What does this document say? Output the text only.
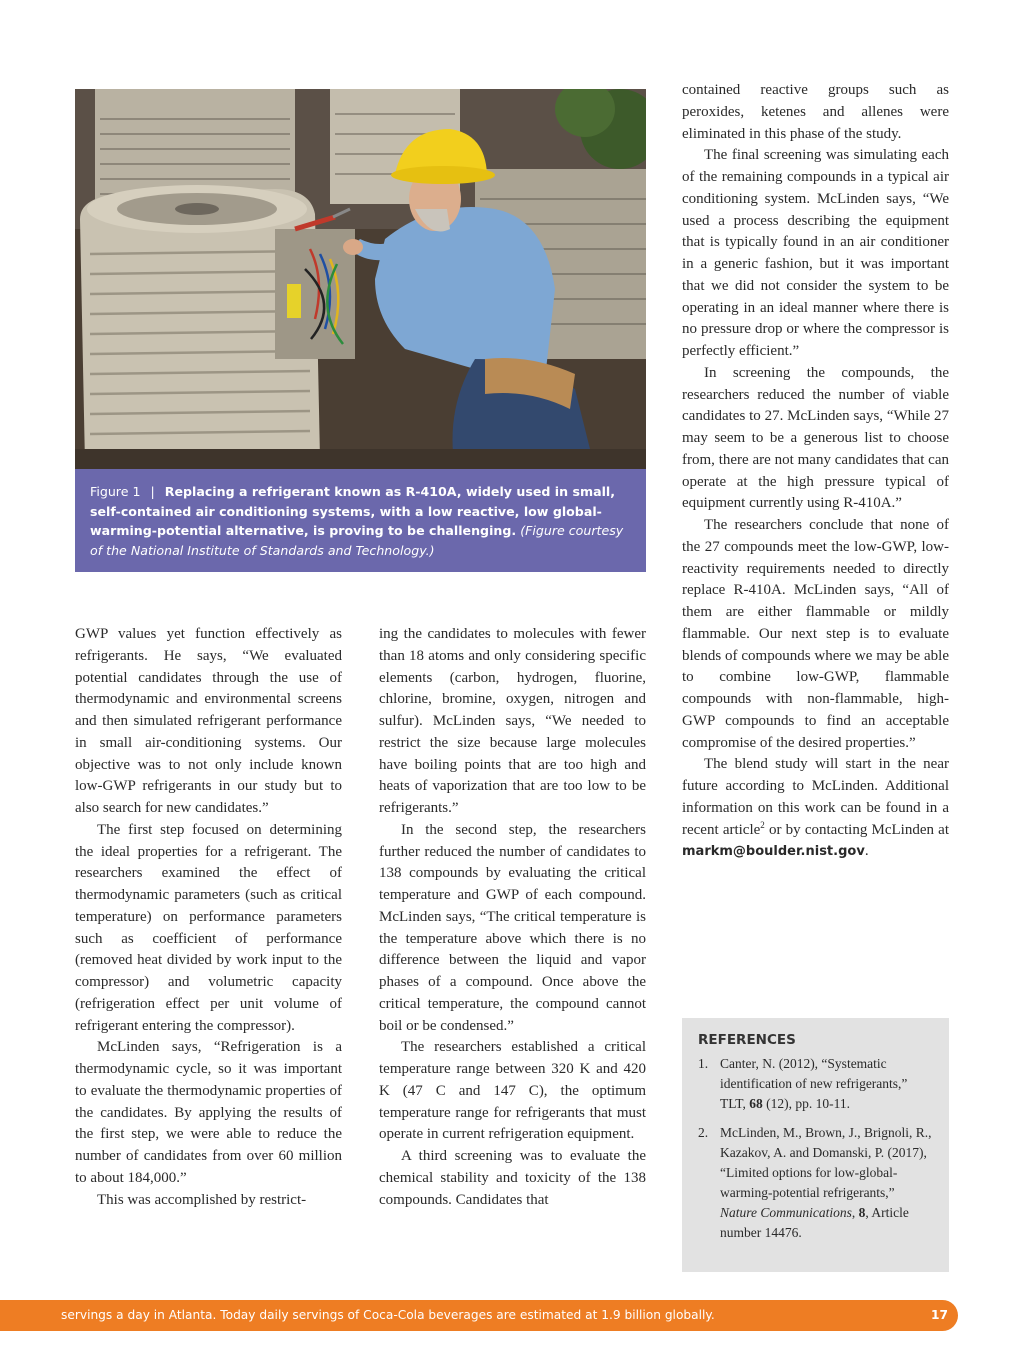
Figure 1 | Replacing a refrigerant known as R-410A, widely used in small, self-contained air conditioning systems, with a low reactive, low global-warming-potential alternative, is proving to be challenging. (Figure courtesy of the National Institute of Standards and Technology.)

GWP values yet function effectively as refrigerants. He says, “We evaluated potential candidates through the use of thermodynamic and environmental screens and then simulated refrigerant performance in small air-conditioning systems. Our objective was to not only include known low-GWP refrigerants in our study but to also search for new candidates.”

The first step focused on determining the ideal properties for a refrigerant. The researchers examined the effect of thermodynamic parameters (such as critical temperature) on performance parameters such as coefficient of performance (removed heat divided by work input to the compressor) and volumetric capacity (refrigeration effect per unit volume of refrigerant entering the compressor).

McLinden says, “Refrigeration is a thermodynamic cycle, so it was important to evaluate the thermodynamic properties of the candidates. By applying the results of the first step, we were able to reduce the number of candidates from over 60 million to about 184,000.”

This was accomplished by restrict-

ing the candidates to molecules with fewer than 18 atoms and only considering specific elements (carbon, hydrogen, fluorine, chlorine, bromine, oxygen, nitrogen and sulfur). McLinden says, “We needed to restrict the size because large molecules have boiling points that are too high and heats of vaporization that are too low to be refrigerants.”

In the second step, the researchers further reduced the number of candidates to 138 compounds by evaluating the critical temperature and GWP of each compound. McLinden says, “The critical temperature is the temperature above which there is no difference between the liquid and vapor phases of a compound. Once above the critical temperature, the compound cannot boil or be condensed.”

The researchers established a critical temperature range between 320 K and 420 K (47 C and 147 C), the optimum temperature range for refrigerants that must operate in current refrigeration equipment.

A third screening was to evaluate the chemical stability and toxicity of the 138 compounds. Candidates that

contained reactive groups such as peroxides, ketenes and allenes were eliminated in this phase of the study.

The final screening was simulating each of the remaining compounds in a typical air conditioning system. McLinden says, “We used a process describing the equipment that is typically found in an air conditioner in a generic fashion, but it was important that we did not consider the system to be operating in an ideal manner where there is no pressure drop or where the compressor is perfectly efficient.”

In screening the compounds, the researchers reduced the number of viable candidates to 27. McLinden says, “While 27 may seem to be a generous list to choose from, there are not many candidates that can operate at the high pressure typical of equipment currently using R-410A.”

The researchers conclude that none of the 27 compounds meet the low-GWP, low-reactivity requirements needed to directly replace R-410A. McLinden says, “All of them are either flammable or mildly flammable. Our next step is to evaluate blends of compounds where we may be able to combine low-GWP, flammable compounds with non-flammable, high-GWP compounds to find an acceptable compromise of the desired properties.”

The blend study will start in the near future according to McLinden. Additional information on this work can be found in a recent article$^2$ or by contacting McLinden at markm@boulder.nist.gov.

REFERENCES
1. Canter, N. (2012), “Systematic identification of new refrigerants,” TLT, 68 (12), pp. 10-11.
2. McLinden, M., Brown, J., Brignoli, R., Kazakov, A. and Domanski, P. (2017), “Limited options for low-global-warming-potential refrigerants,” Nature Communications, 8, Article number 14476.
servings a day in Atlanta. Today daily servings of Coca-Cola beverages are estimated at 1.9 billion globally.	17
